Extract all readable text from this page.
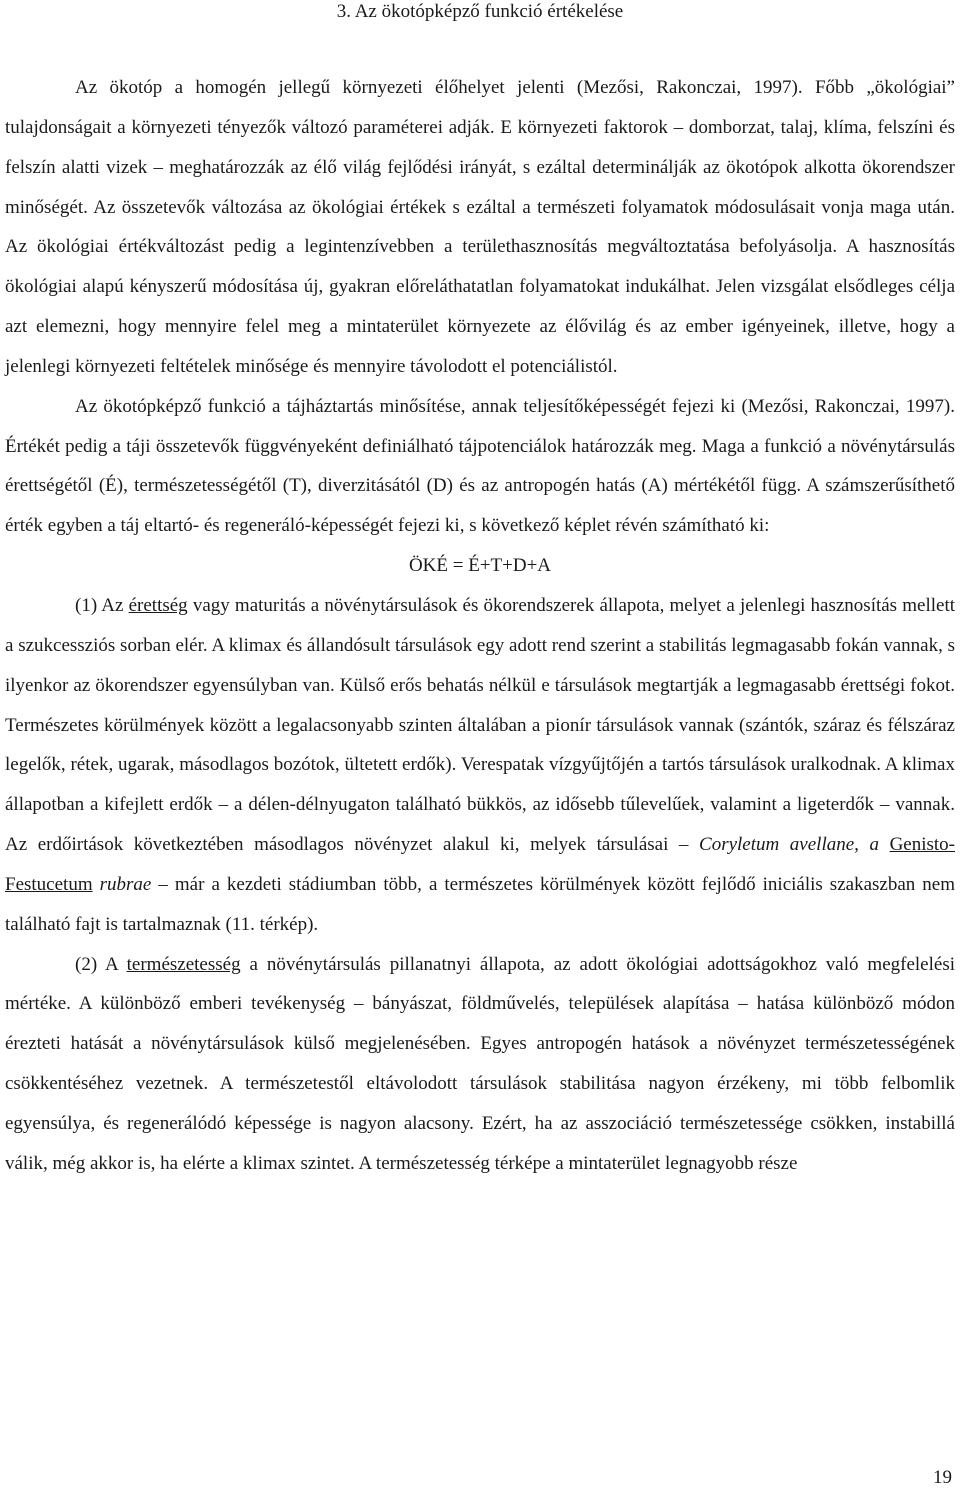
3. Az ökotópképző funkció értékelése

Az ökotóp a homogén jellegű környezeti élőhelyet jelenti (Mezősi, Rakonczai, 1997). Főbb „ökológiai” tulajdonságait a környezeti tényezők változó paraméterei adják. E környezeti faktorok – domborzat, talaj, klíma, felszíni és felszín alatti vizek – meghatározzák az élő világ fejlődési irányát, s ezáltal determinálják az ökotópok alkotta ökorendszer minőségét. Az összetevők változása az ökológiai értékek s ezáltal a természeti folyamatok módosulásait vonja maga után. Az ökológiai értékváltozást pedig a legintenzívebben a területhasznosítás megváltoztatása befolyásolja. A hasznosítás ökológiai alapú kényszerű módosítása új, gyakran előreláthatatlan folyamatokat indukálhat. Jelen vizsgálat elsődleges célja azt elemezni, hogy mennyire felel meg a mintaterület környezete az élővilág és az ember igényeinek, illetve, hogy a jelenlegi környezeti feltételek minősége és mennyire távolodott el potenciálistól.

Az ökotópképző funkció a tájháztartás minősítése, annak teljesítőképességét fejezi ki (Mezősi, Rakonczai, 1997). Értékét pedig a táji összetevők függvényeként definiálható tájpotenciálok határozzák meg. Maga a funkció a növénytársulás érettségétől (É), természetességétől (T), diverzitásától (D) és az antropogén hatás (A) mértékétől függ. A számszerűsíthető érték egyben a táj eltartó- és regeneráló-képességét fejezi ki, s következő képlet révén számítható ki:

ÖKÉ = É+T+D+A

(1) Az érettség vagy maturitás a növénytársulások és ökorendszerek állapota, melyet a jelenlegi hasznosítás mellett a szukcessziós sorban elér. A klimax és állandósult társulások egy adott rend szerint a stabilitás legmagasabb fokán vannak, s ilyenkor az ökorendszer egyensúlyban van. Külső erős behatás nélkül e társulások megtartják a legmagasabb érettségi fokot. Természetes körülmények között a legalacsonyabb szinten általában a pionír társulások vannak (szántók, száraz és félszáraz legelők, rétek, ugarak, másodlagos bozótok, ültetett erdők). Verespatak vízgyűjtőjén a tartós társulások uralkodnak. A klimax állapotban a kifejlett erdők – a délen-délnyugaton található bükkös, az idősebb tűlevelűek, valamint a ligeterdők – vannak. Az erdőirtások következtében másodlagos növényzet alakul ki, melyek társulásai – Coryletum avellane, a Genisto-Festucetum rubrae – már a kezdeti stádiumban több, a természetes körülmények között fejlődő iniciális szakaszban nem található fajt is tartalmaznak (11. térkép).

(2) A természetesség a növénytársulás pillanatnyi állapota, az adott ökológiai adottságokhoz való megfelelési mértéke. A különböző emberi tevékenység – bányászat, földművelés, települések alapítása – hatása különböző módon érezteti hatását a növénytársulások külső megjelenésében. Egyes antropogén hatások a növényzet természetességének csökkentéséhez vezetnek. A természetestől eltávolodott társulások stabilitása nagyon érzékeny, mi több felbomlik egyensúlya, és regenerálódó képessége is nagyon alacsony. Ezért, ha az asszociáció természetessége csökken, instabillá válik, még akkor is, ha elérte a klimax szintet. A természetesség térképe a mintaterület legnagyobb része

19
